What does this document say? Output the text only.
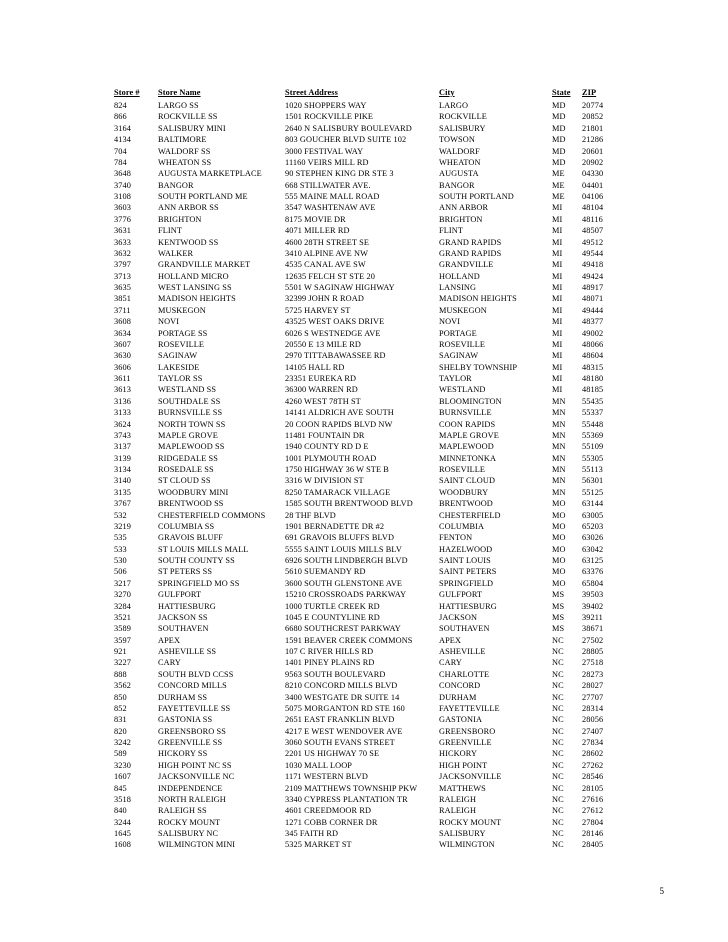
Store #	Store Name	Street Address	City	State	ZIP
824	LARGO SS	1020 SHOPPERS WAY	LARGO	MD	20774
866	ROCKVILLE SS	1501 ROCKVILLE PIKE	ROCKVILLE	MD	20852
3164	SALISBURY MINI	2640 N SALISBURY BOULEVARD	SALISBURY	MD	21801
4134	BALTIMORE	803 GOUCHER BLVD SUITE 102	TOWSON	MD	21286
704	WALDORF SS	3000 FESTIVAL WAY	WALDORF	MD	20601
784	WHEATON SS	11160 VEIRS MILL RD	WHEATON	MD	20902
3648	AUGUSTA MARKETPLACE	90 STEPHEN KING DR STE 3	AUGUSTA	ME	04330
3740	BANGOR	668 STILLWATER AVE.	BANGOR	ME	04401
3108	SOUTH PORTLAND ME	555 MAINE MALL ROAD	SOUTH PORTLAND	ME	04106
3603	ANN ARBOR SS	3547 WASHTENAW AVE	ANN ARBOR	MI	48104
3776	BRIGHTON	8175 MOVIE DR	BRIGHTON	MI	48116
3631	FLINT	4071 MILLER RD	FLINT	MI	48507
3633	KENTWOOD SS	4600 28TH STREET SE	GRAND RAPIDS	MI	49512
3632	WALKER	3410 ALPINE AVE NW	GRAND RAPIDS	MI	49544
3797	GRANDVILLE MARKET	4535 CANAL AVE SW	GRANDVILLE	MI	49418
3713	HOLLAND MICRO	12635 FELCH ST STE 20	HOLLAND	MI	49424
3635	WEST LANSING SS	5501 W SAGINAW HIGHWAY	LANSING	MI	48917
3851	MADISON HEIGHTS	32399 JOHN R ROAD	MADISON HEIGHTS	MI	48071
3711	MUSKEGON	5725 HARVEY ST	MUSKEGON	MI	49444
3608	NOVI	43525 WEST OAKS DRIVE	NOVI	MI	48377
3634	PORTAGE SS	6026 S WESTNEDGE AVE	PORTAGE	MI	49002
3607	ROSEVILLE	20550 E 13 MILE RD	ROSEVILLE	MI	48066
3630	SAGINAW	2970 TITTABAWASSEE RD	SAGINAW	MI	48604
3606	LAKESIDE	14105 HALL RD	SHELBY TOWNSHIP	MI	48315
3611	TAYLOR SS	23351 EUREKA RD	TAYLOR	MI	48180
3613	WESTLAND SS	36300 WARREN RD	WESTLAND	MI	48185
3136	SOUTHDALE SS	4260 WEST 78TH ST	BLOOMINGTON	MN	55435
3133	BURNSVILLE SS	14141 ALDRICH AVE SOUTH	BURNSVILLE	MN	55337
3624	NORTH TOWN SS	20 COON RAPIDS BLVD NW	COON RAPIDS	MN	55448
3743	MAPLE GROVE	11481 FOUNTAIN DR	MAPLE GROVE	MN	55369
3137	MAPLEWOOD SS	1940 COUNTY RD D E	MAPLEWOOD	MN	55109
3139	RIDGEDALE SS	1001 PLYMOUTH ROAD	MINNETONKA	MN	55305
3134	ROSEDALE SS	1750 HIGHWAY 36 W STE B	ROSEVILLE	MN	55113
3140	ST CLOUD SS	3316 W DIVISION ST	SAINT CLOUD	MN	56301
3135	WOODBURY MINI	8250 TAMARACK VILLAGE	WOODBURY	MN	55125
3767	BRENTWOOD SS	1585 SOUTH BRENTWOOD BLVD	BRENTWOOD	MO	63144
532	CHESTERFIELD COMMONS	28 THF BLVD	CHESTERFIELD	MO	63005
3219	COLUMBIA SS	1901 BERNADETTE DR #2	COLUMBIA	MO	65203
535	GRAVOIS BLUFF	691 GRAVOIS BLUFFS BLVD	FENTON	MO	63026
533	ST LOUIS MILLS MALL	5555 SAINT LOUIS MILLS BLV	HAZELWOOD	MO	63042
530	SOUTH COUNTY SS	6926 SOUTH LINDBERGH BLVD	SAINT LOUIS	MO	63125
506	ST PETERS SS	5610 SUEMANDY RD	SAINT PETERS	MO	63376
3217	SPRINGFIELD MO SS	3600 SOUTH GLENSTONE AVE	SPRINGFIELD	MO	65804
3270	GULFPORT	15210 CROSSROADS PARKWAY	GULFPORT	MS	39503
3284	HATTIESBURG	1000 TURTLE CREEK RD	HATTIESBURG	MS	39402
3521	JACKSON SS	1045 E COUNTYLINE RD	JACKSON	MS	39211
3589	SOUTHAVEN	6680 SOUTHCREST PARKWAY	SOUTHAVEN	MS	38671
3597	APEX	1591 BEAVER CREEK COMMONS	APEX	NC	27502
921	ASHEVILLE SS	107 C RIVER HILLS RD	ASHEVILLE	NC	28805
3227	CARY	1401 PINEY PLAINS RD	CARY	NC	27518
888	SOUTH BLVD CCSS	9563 SOUTH BOULEVARD	CHARLOTTE	NC	28273
3562	CONCORD MILLS	8210 CONCORD MILLS BLVD	CONCORD	NC	28027
850	DURHAM SS	3400 WESTGATE DR SUITE 14	DURHAM	NC	27707
852	FAYETTEVILLE SS	5075 MORGANTON RD STE 160	FAYETTEVILLE	NC	28314
831	GASTONIA SS	2651 EAST FRANKLIN BLVD	GASTONIA	NC	28056
820	GREENSBORO SS	4217 E WEST WENDOVER AVE	GREENSBORO	NC	27407
3242	GREENVILLE SS	3060 SOUTH EVANS STREET	GREENVILLE	NC	27834
589	HICKORY SS	2201 US HIGHWAY 70 SE	HICKORY	NC	28602
3230	HIGH POINT NC SS	1030 MALL LOOP	HIGH POINT	NC	27262
1607	JACKSONVILLE NC	1171 WESTERN BLVD	JACKSONVILLE	NC	28546
845	INDEPENDENCE	2109 MATTHEWS TOWNSHIP PKW	MATTHEWS	NC	28105
3518	NORTH RALEIGH	3340 CYPRESS PLANTATION TR	RALEIGH	NC	27616
840	RALEIGH SS	4601 CREEDMOOR RD	RALEIGH	NC	27612
3244	ROCKY MOUNT	1271 COBB CORNER DR	ROCKY MOUNT	NC	27804
1645	SALISBURY NC	345 FAITH RD	SALISBURY	NC	28146
1608	WILMINGTON MINI	5325 MARKET ST	WILMINGTON	NC	28405
5
